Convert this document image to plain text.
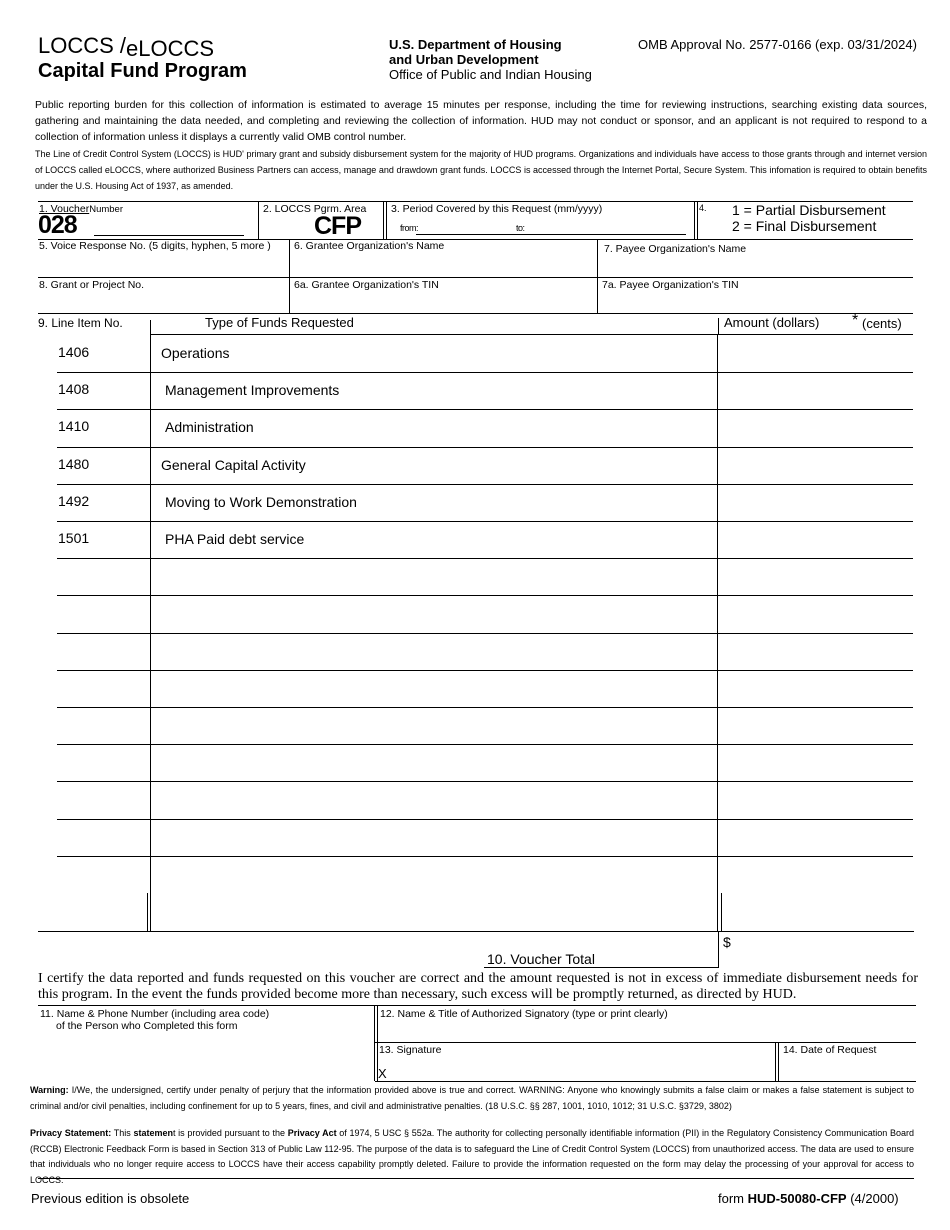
LOCCS /eLOCCS
Capital Fund Program
U.S. Department of Housing
and Urban Development
Office of Public and Indian Housing
OMB Approval No. 2577-0166 (exp. 03/31/2024)
Public reporting burden for this collection of information is estimated to average 15 minutes per response, including the time for reviewing instructions, searching existing data sources, gathering and maintaining the data needed, and completing and reviewing the collection of information. HUD may not conduct or sponsor, and an applicant is not required to respond to a collection of information unless it displays a currently valid OMB control number.
The Line of Credit Control System (LOCCS) is HUD' primary grant and subsidy disbursement system for the majority of HUD programs. Organizations and individuals have access to those grants through and internet version of LOCCS called eLOCCS, where authorized Business Partners can access, manage and drawdown grant funds. LOCCS is accessed through the Internet Portal, Secure System. This infomation is required to obtain benefits under the U.S. Housing Act of 1937, as amended.
1. VoucherNumber
028
2. LOCCS Pgrm. Area
CFP
3. Period Covered by this Request (mm/yyyy)
from:	to:
4. 1 = Partial Disbursement
2 = Final Disbursement
5. Voice Response No. (5 digits, hyphen, 5 more ) 6. Grantee Organization's Name	7. Payee Organization's Name
8. Grant or Project No.	6a. Grantee Organization's TIN	7a. Payee Organization's TIN
9. Line Item No.	Type of Funds Requested	Amount (dollars) * (cents)
1406	Operations
1408	Management Improvements
1410	Administration
1480	General Capital Activity
1492	Moving to Work Demonstration
1501	PHA Paid debt service
10. Voucher Total
$
I certify the data reported and funds requested on this voucher are correct and the amount requested is not in excess of immediate disbursement needs for this program. In the event the funds provided become more than necessary, such excess will be promptly returned, as directed by HUD.
11. Name & Phone Number (including area code)
of the Person who Completed this form
12. Name & Title of Authorized Signatory (type or print clearly)
13. Signature
X
14. Date of Request
Warning: I/We, the undersigned, certify under penalty of perjury that the information provided above is true and correct. WARNING: Anyone who knowingly submits a false claim or makes a false statement is subject to criminal and/or civil penalties, including confinement for up to 5 years, fines, and civil and administrative penalties. (18 U.S.C. §§ 287, 1001, 1010, 1012; 31 U.S.C. §3729, 3802)
Privacy Statement: This statement is provided pursuant to the Privacy Act of 1974, 5 USC § 552a. The authority for collecting personally identifiable information (PII) in the Regulatory Consistency Communication Board (RCCB) Electronic Feedback Form is based in Section 313 of Public Law 112-95. The purpose of the data is to safeguard the Line of Credit Control System (LOCCS) from unauthorized access. The data are used to ensure that individuals who no longer require access to LOCCS have their access capability promptly deleted. Failure to provide the information requested on the form may delay the processing of your approval for access to LOCCS.
Previous edition is obsolete	form HUD-50080-CFP (4/2000)
